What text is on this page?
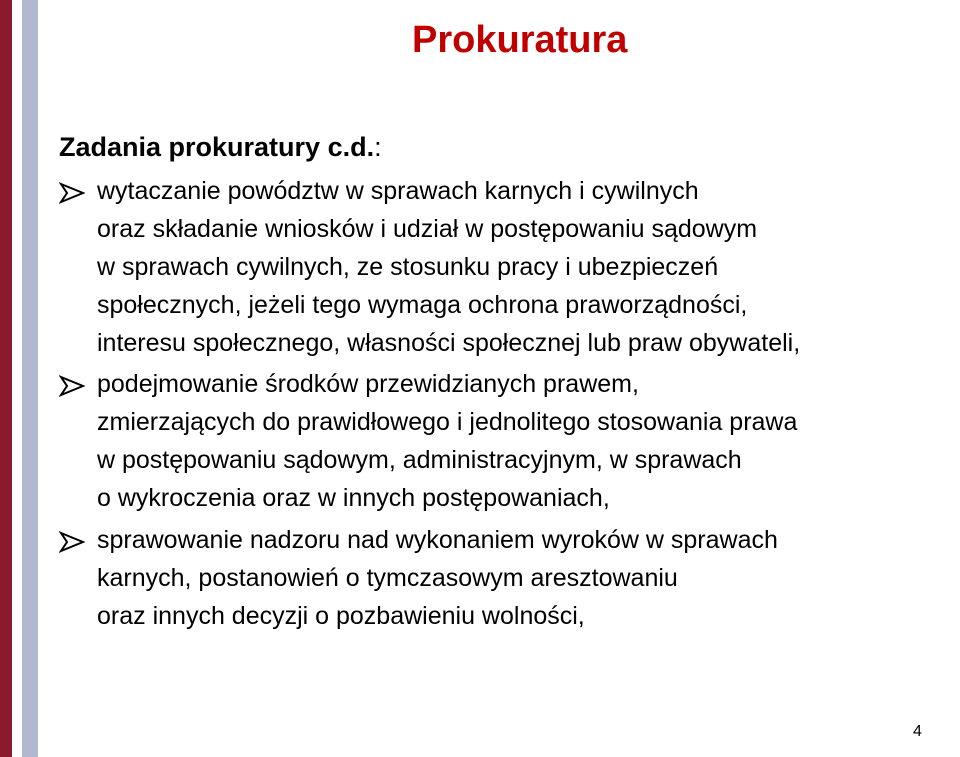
Prokuratura
Zadania prokuratury c.d.:
wytaczanie powództw w sprawach karnych i cywilnych
oraz składanie wniosków i udział w postępowaniu sądowym
w sprawach cywilnych, ze stosunku pracy i ubezpieczeń
społecznych, jeżeli tego wymaga ochrona praworządności,
interesu społecznego, własności społecznej lub praw obywateli,
podejmowanie środków przewidzianych prawem,
zmierzających do prawidłowego i jednolitego stosowania prawa
w postępowaniu sądowym, administracyjnym, w sprawach
o wykroczenia oraz w innych postępowaniach,
sprawowanie nadzoru nad wykonaniem wyroków w sprawach
karnych, postanowień o tymczasowym aresztowaniu
oraz innych decyzji o pozbawieniu wolności,
4
